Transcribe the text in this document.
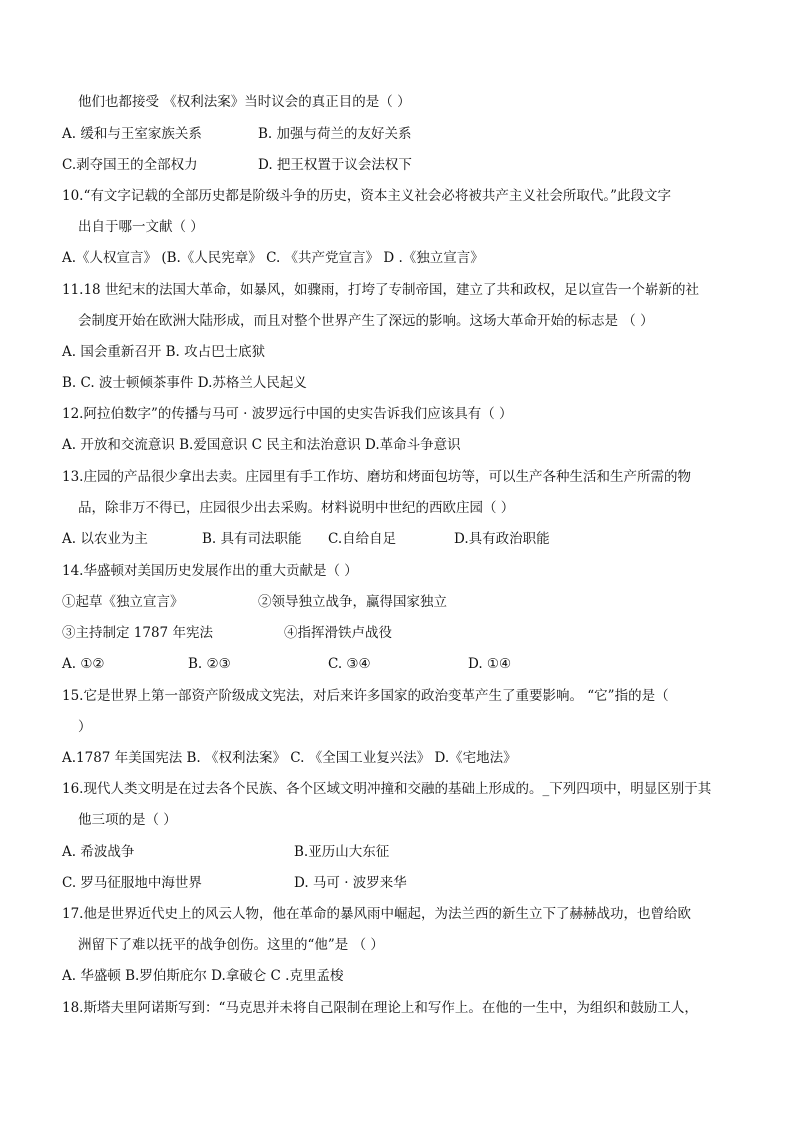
他们也都接受 《权利法案》当时议会的真正目的是（ ）
A. 缓和与王室家族关系	B. 加强与荷兰的友好关系
C.剥夺国王的全部权力	D. 把王权置于议会法权下
10.“有文字记载的全部历史都是阶级斗争的历史，资本主义社会必将被共产主义社会所取代。”此段文字
出自于哪一文献（ ）
A.《人权宣言》 (B.《人民宪章》 C. 《共产党宣言》 D .《独立宣言》
11.18 世纪末的法国大革命，如暴风，如骤雨，打垮了专制帝国，建立了共和政权，足以宣告一个崭新的社
会制度开始在欧洲大陆形成，而且对整个世界产生了深远的影响。这场大革命开始的标志是 （ ）
A. 国会重新召开 B. 攻占巴士底狱
B. C. 波士顿倾茶事件 D.苏格兰人民起义
12.阿拉伯数字”的传播与马可 · 波罗远行中国的史实告诉我们应该具有（ ）
A. 开放和交流意识 B.爱国意识 C 民主和法治意识 D.革命斗争意识
13.庄园的产品很少拿出去卖。庄园里有手工作坊、磨坊和烤面包坊等，可以生产各种生活和生产所需的物
品，除非万不得已，庄园很少出去采购。材料说明中世纪的西欧庄园（ ）
A. 以农业为主	B. 具有司法职能 C.自给自足	D.具有政治职能
14.华盛顿对美国历史发展作出的重大贡献是（ ）
①起草《独立宣言》	②领导独立战争，赢得国家独立
③主持制定 1787 年宪法	④指挥滑铁卢战役
A. ①②	B. ②③	C. ③④	D. ①④
15.它是世界上第一部资产阶级成文宪法，对后来许多国家的政治变革产生了重要影响。 “它”指的是（
）
A.1787 年美国宪法 B. 《权利法案》 C. 《全国工业复兴法》 D.《宅地法》
16.现代人类文明是在过去各个民族、各个区域文明冲撞和交融的基础上形成的。_下列四项中，明显区别于其
他三项的是（ ）
A. 希波战争	B.亚历山大东征
C. 罗马征服地中海世界	D. 马可 · 波罗来华
17.他是世界近代史上的风云人物，他在革命的暴风雨中崛起，为法兰西的新生立下了赫赫战功，也曾给欧
洲留下了难以抚平的战争创伤。这里的“他”是 （ ）
A. 华盛顿 B.罗伯斯庇尔 D.拿破仑 C .克里孟梭
18.斯塔夫里阿诺斯写到：“马克思并未将自己限制在理论上和写作上。在他的一生中，为组织和鼓励工人，
